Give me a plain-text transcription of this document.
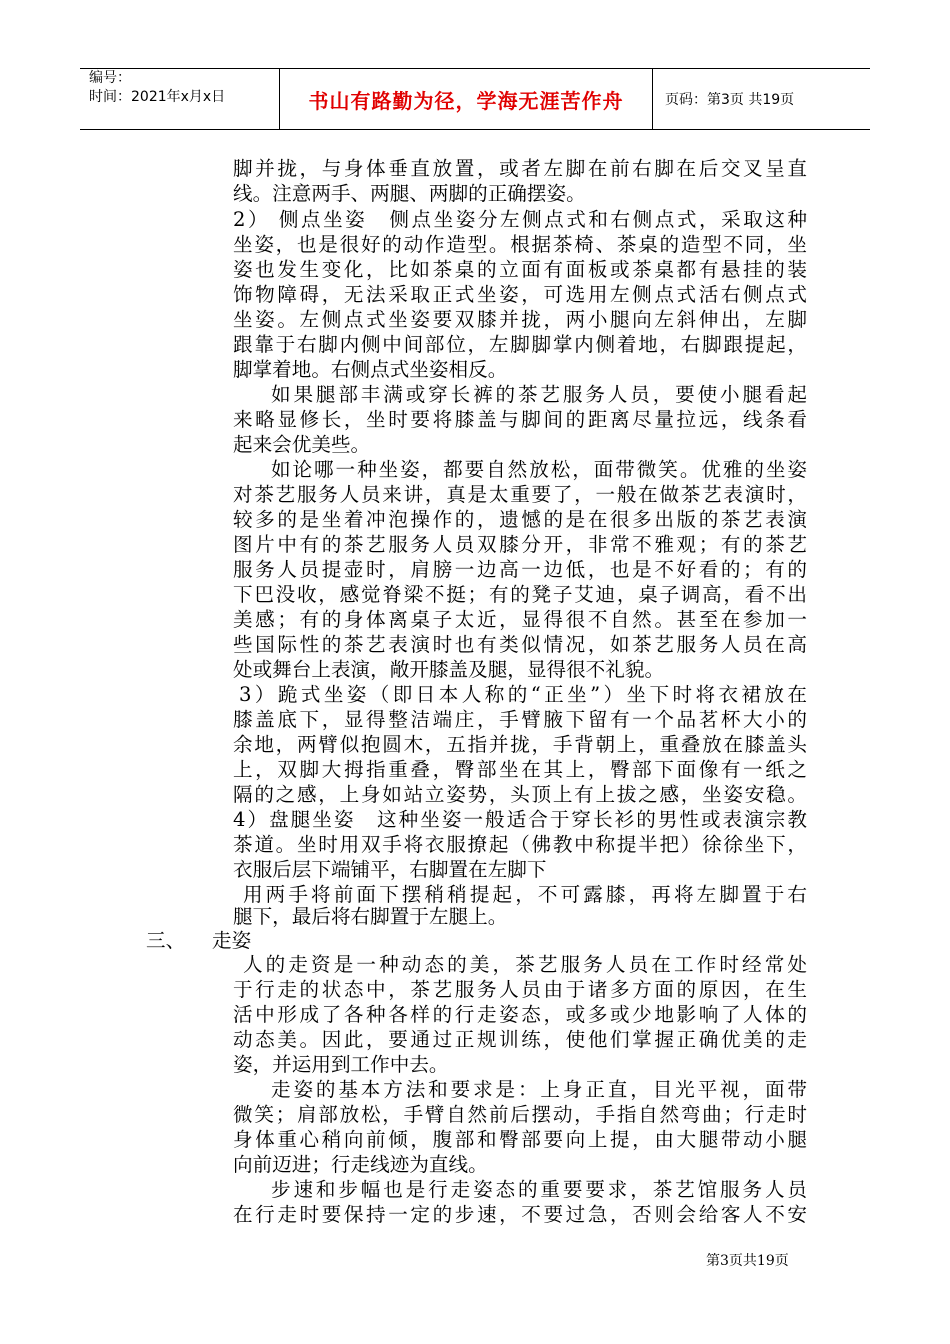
编号：
时间：2021年x月x日	书山有路勤为径，学海无涯苦作舟	页码：第3页 共19页
脚并拢，与身体垂直放置，或者左脚在前右脚在后交叉呈直
线。注意两手、两腿、两脚的正确摆姿。
2） 侧点坐姿　侧点坐姿分左侧点式和右侧点式，采取这种
坐姿，也是很好的动作造型。根据茶椅、茶桌的造型不同，坐
姿也发生变化，比如茶桌的立面有面板或茶桌都有悬挂的装
饰物障碍，无法采取正式坐姿，可选用左侧点式活右侧点式
坐姿。左侧点式坐姿要双膝并拢，两小腿向左斜伸出，左脚
跟靠于右脚内侧中间部位，左脚脚掌内侧着地，右脚跟提起，
脚掌着地。右侧点式坐姿相反。
如果腿部丰满或穿长裤的茶艺服务人员，要使小腿看起
来略显修长，坐时要将膝盖与脚间的距离尽量拉远，线条看
起来会优美些。
如论哪一种坐姿，都要自然放松，面带微笑。优雅的坐姿
对茶艺服务人员来讲，真是太重要了，一般在做茶艺表演时，
较多的是坐着冲泡操作的，遗憾的是在很多出版的茶艺表演
图片中有的茶艺服务人员双膝分开，非常不雅观；有的茶艺
服务人员提壶时，肩膀一边高一边低，也是不好看的；有的
下巴没收，感觉脊梁不挺；有的凳子艾迪，桌子调高，看不出
美感；有的身体离桌子太近，显得很不自然。甚至在参加一
些国际性的茶艺表演时也有类似情况，如茶艺服务人员在高
处或舞台上表演，敞开膝盖及腿，显得很不礼貌。
3）跪式坐姿（即日本人称的“正坐”）坐下时将衣裙放在
膝盖底下，显得整洁端庄，手臂腋下留有一个品茗杯大小的
余地，两臂似抱圆木，五指并拢，手背朝上，重叠放在膝盖头
上，双脚大拇指重叠，臀部坐在其上，臀部下面像有一纸之
隔的之感，上身如站立姿势，头顶上有上拔之感，坐姿安稳。
4）盘腿坐姿　这种坐姿一般适合于穿长衫的男性或表演宗教
茶道。坐时用双手将衣服撩起（佛教中称提半把）徐徐坐下，
衣服后层下端铺平，右脚置在左脚下
用两手将前面下摆稍稍提起，不可露膝，再将左脚置于右
腿下，最后将右脚置于左腿上。
三、 走姿
人的走资是一种动态的美，茶艺服务人员在工作时经常处
于行走的状态中，茶艺服务人员由于诸多方面的原因，在生
活中形成了各种各样的行走姿态，或多或少地影响了人体的
动态美。因此，要通过正规训练，使他们掌握正确优美的走
姿，并运用到工作中去。
走姿的基本方法和要求是：上身正直，目光平视，面带
微笑；肩部放松，手臂自然前后摆动，手指自然弯曲；行走时
身体重心稍向前倾，腹部和臀部要向上提，由大腿带动小腿
向前迈进；行走线迹为直线。
步速和步幅也是行走姿态的重要要求，茶艺馆服务人员
在行走时要保持一定的步速，不要过急，否则会给客人不安
第3页共19页
